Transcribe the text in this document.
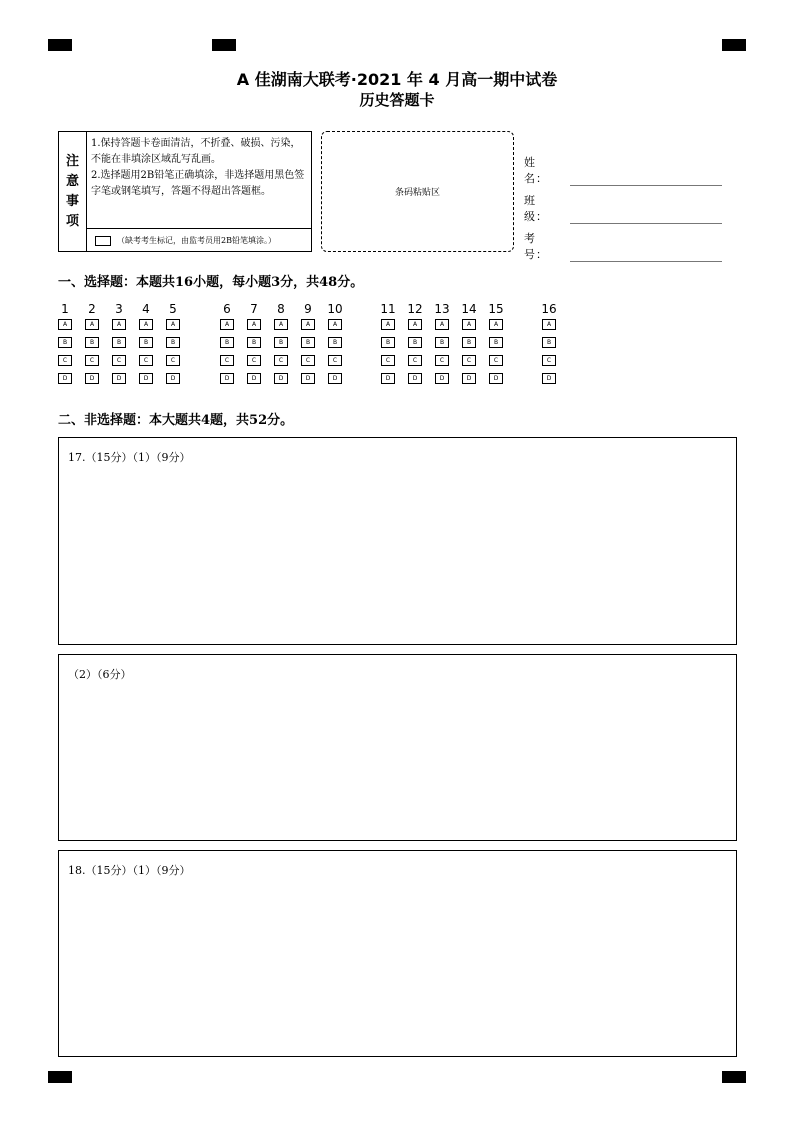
A 佳湖南大联考·2021 年 4 月高一期中试卷
历史答题卡
注
意
事
项
1.保持答题卡卷面清洁，不折叠、破损、污染，不能在非填涂区域乱写乱画。
2.选择题用2B铅笔正确填涂，非选择题用黑色签字笔或钢笔填写，答题不得超出答题框。
（缺考考生标记，由监考员用2B铅笔填涂。）
条码粘贴区
姓　名：
班　级：
考　号：
一、选择题：本题共16小题，每小题3分，共48分。
1
A
B
C
D
2
A
B
C
D
3
A
B
C
D
4
A
B
C
D
5
A
B
C
D
6
A
B
C
D
7
A
B
C
D
8
A
B
C
D
9
A
B
C
D
10
A
B
C
D
11
A
B
C
D
12
A
B
C
D
13
A
B
C
D
14
A
B
C
D
15
A
B
C
D
16
A
B
C
D
二、非选择题：本大题共4题，共52分。
17.（15分）（1）（9分）
（2）（6分）
18.（15分）（1）（9分）
